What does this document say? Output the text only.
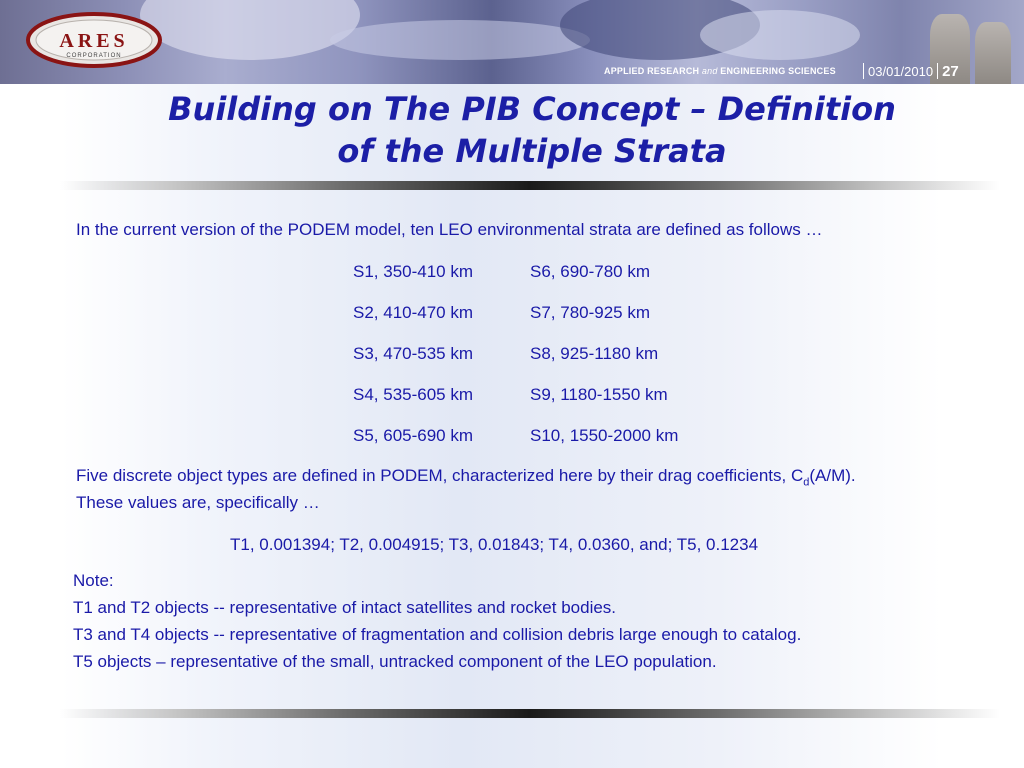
ARES
CORPORATION
APPLIED RESEARCH and ENGINEERING SCIENCES 03/01/2010 27
Building on The PIB Concept – Definition
of the Multiple Strata
In the current version of the PODEM model, ten LEO environmental strata are defined as follows …
S1, 350-410 km	S6, 690-780 km
S2, 410-470 km	S7, 780-925 km
S3, 470-535 km	S8, 925-1180 km
S4, 535-605 km	S9, 1180-1550 km
S5, 605-690 km	S10, 1550-2000 km
Five discrete object types are defined in PODEM, characterized here by their drag coefficients, $C_d(A/M)$.
These values are, specifically …
T1, 0.001394; T2, 0.004915; T3, 0.01843; T4, 0.0360, and; T5, 0.1234
Note:
T1 and T2 objects -- representative of intact satellites and rocket bodies.
T3 and T4 objects -- representative of fragmentation and collision debris large enough to catalog.
T5 objects – representative of the small, untracked component of the LEO population.
